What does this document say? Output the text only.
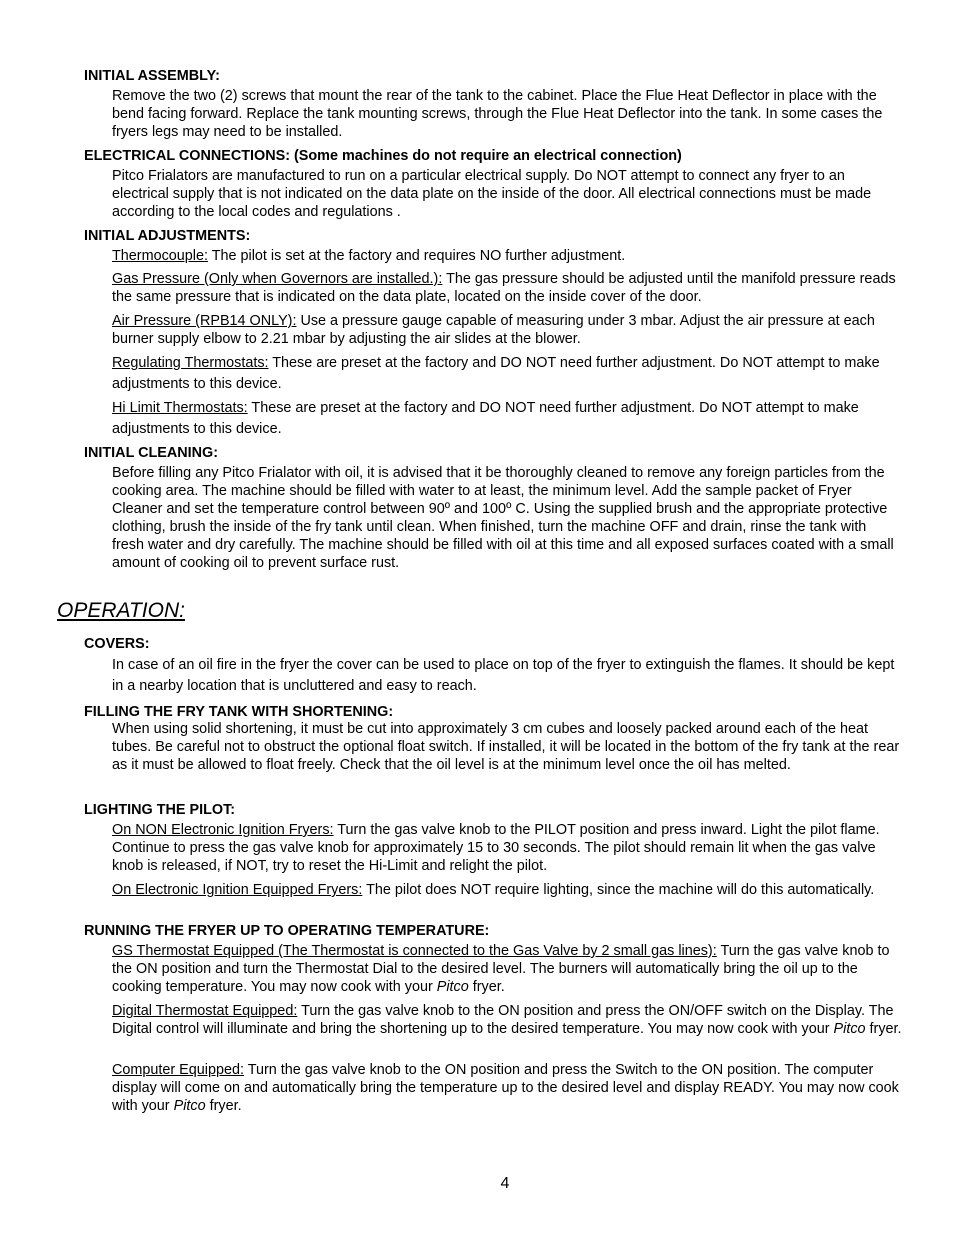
INITIAL ASSEMBLY:
Remove the two (2) screws that mount the rear of the tank to the cabinet. Place the Flue Heat Deflector in place with the bend facing forward. Replace the tank mounting screws, through the Flue Heat Deflector into the tank. In some cases the fryers legs may need to be installed.
ELECTRICAL CONNECTIONS: (Some machines do not require an electrical connection)
Pitco Frialators are manufactured to run on a particular electrical supply. Do NOT attempt to connect any fryer to an electrical supply that is not indicated on the data plate on the inside of the door. All electrical connections must be made according to the local codes and regulations .
INITIAL ADJUSTMENTS:
Thermocouple: The pilot is set at the factory and requires NO further adjustment.
Gas Pressure (Only when Governors are installed.): The gas pressure should be adjusted until the manifold pressure reads the same pressure that is indicated on the data plate, located on the inside cover of the door.
Air Pressure (RPB14 ONLY): Use a pressure gauge capable of measuring under 3 mbar. Adjust the air pressure at each burner supply elbow to 2.21 mbar by adjusting the air slides at the blower.
Regulating Thermostats: These are preset at the factory and DO NOT need further adjustment. Do NOT attempt to make adjustments to this device.
Hi Limit Thermostats: These are preset at the factory and DO NOT need further adjustment. Do NOT attempt to make adjustments to this device.
INITIAL CLEANING:
Before filling any Pitco Frialator with oil, it is advised that it be thoroughly cleaned to remove any foreign particles from the cooking area. The machine should be filled with water to at least, the minimum level. Add the sample packet of Fryer Cleaner and set the temperature control between 90º and 100º C. Using the supplied brush and the appropriate protective clothing, brush the inside of the fry tank until clean. When finished, turn the machine OFF and drain, rinse the tank with fresh water and dry carefully. The machine should be filled with oil at this time and all exposed surfaces coated with a small amount of cooking oil to prevent surface rust.
OPERATION:
COVERS:
In case of an oil fire in the fryer the cover can be used to place on top of the fryer to extinguish the flames. It should be kept in a nearby location that is uncluttered and easy to reach.
FILLING THE FRY TANK WITH SHORTENING:
When using solid shortening, it must be cut into approximately 3 cm cubes and loosely packed around each of the heat tubes. Be careful not to obstruct the optional float switch. If installed, it will be located in the bottom of the fry tank at the rear as it must be allowed to float freely. Check that the oil level is at the minimum level once the oil has melted.
LIGHTING THE PILOT:
On NON Electronic Ignition Fryers: Turn the gas valve knob to the PILOT position and press inward. Light the pilot flame. Continue to press the gas valve knob for approximately 15 to 30 seconds. The pilot should remain lit when the gas valve knob is released, if NOT, try to reset the Hi-Limit and relight the pilot.
On Electronic Ignition Equipped Fryers: The pilot does NOT require lighting, since the machine will do this automatically.
RUNNING THE FRYER UP TO OPERATING TEMPERATURE:
GS Thermostat Equipped (The Thermostat is connected to the Gas Valve by 2 small gas lines): Turn the gas valve knob to the ON position and turn the Thermostat Dial to the desired level. The burners will automatically bring the oil up to the cooking temperature. You may now cook with your Pitco fryer.
Digital Thermostat Equipped: Turn the gas valve knob to the ON position and press the ON/OFF switch on the Display. The Digital control will illuminate and bring the shortening up to the desired temperature. You may now cook with your Pitco fryer.
Computer Equipped: Turn the gas valve knob to the ON position and press the Switch to the ON position. The computer display will come on and automatically bring the temperature up to the desired level and display READY. You may now cook with your Pitco fryer.
4
